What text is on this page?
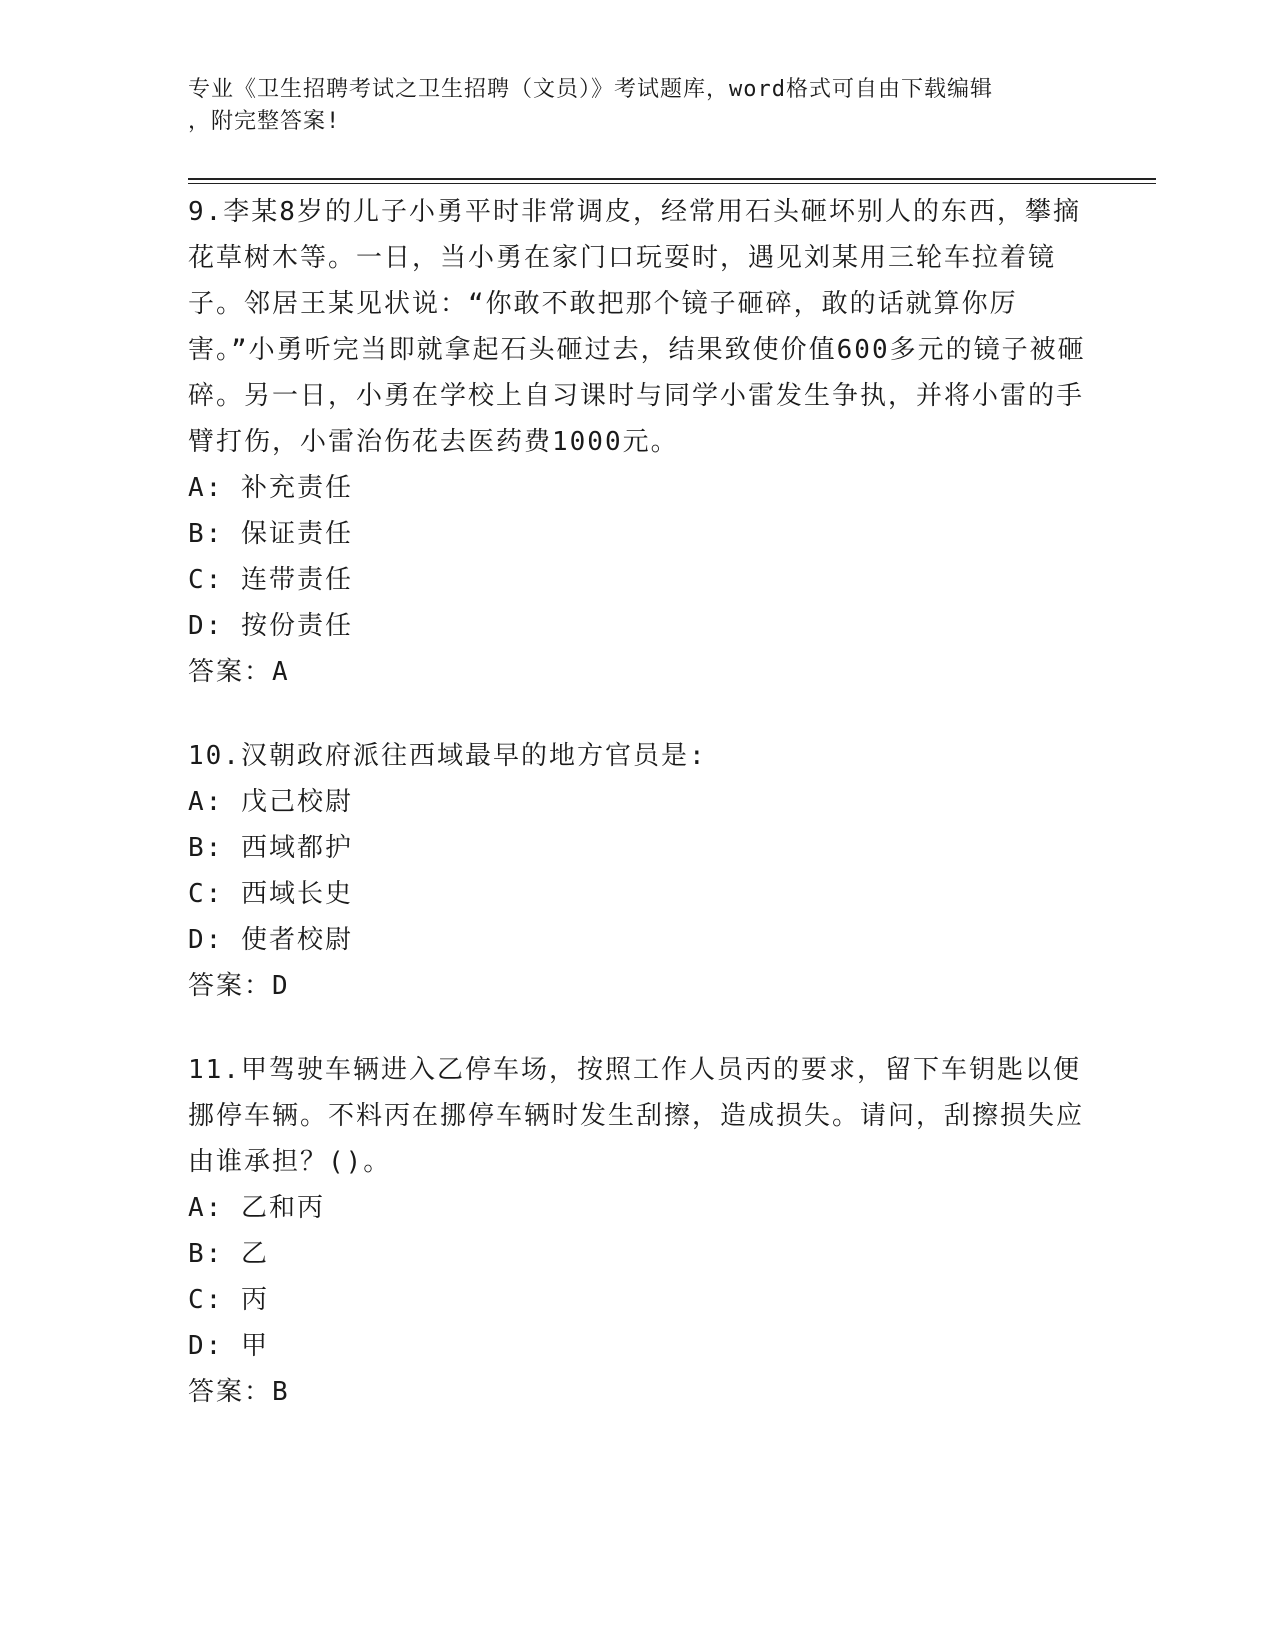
专业《卫生招聘考试之卫生招聘（文员）》考试题库，word格式可自由下载编辑
，附完整答案!

9.李某8岁的儿子小勇平时非常调皮，经常用石头砸坏别人的东西，攀摘花草树木等。一日，当小勇在家门口玩耍时，遇见刘某用三轮车拉着镜子。邻居王某见状说：“你敢不敢把那个镜子砸碎，敢的话就算你厉害。”小勇听完当即就拿起石头砸过去，结果致使价值600多元的镜子被砸碎。另一日，小勇在学校上自习课时与同学小雷发生争执，并将小雷的手臂打伤，小雷治伤花去医药费1000元。

A: 补充责任

B: 保证责任

C: 连带责任

D: 按份责任

答案：A

10.汉朝政府派往西域最早的地方官员是:

A: 戊己校尉

B: 西域都护

C: 西域长史

D: 使者校尉

答案：D

11.甲驾驶车辆进入乙停车场，按照工作人员丙的要求，留下车钥匙以便挪停车辆。不料丙在挪停车辆时发生刮擦，造成损失。请问，刮擦损失应由谁承担？()。

A: 乙和丙

B: 乙

C: 丙

D: 甲

答案：B
